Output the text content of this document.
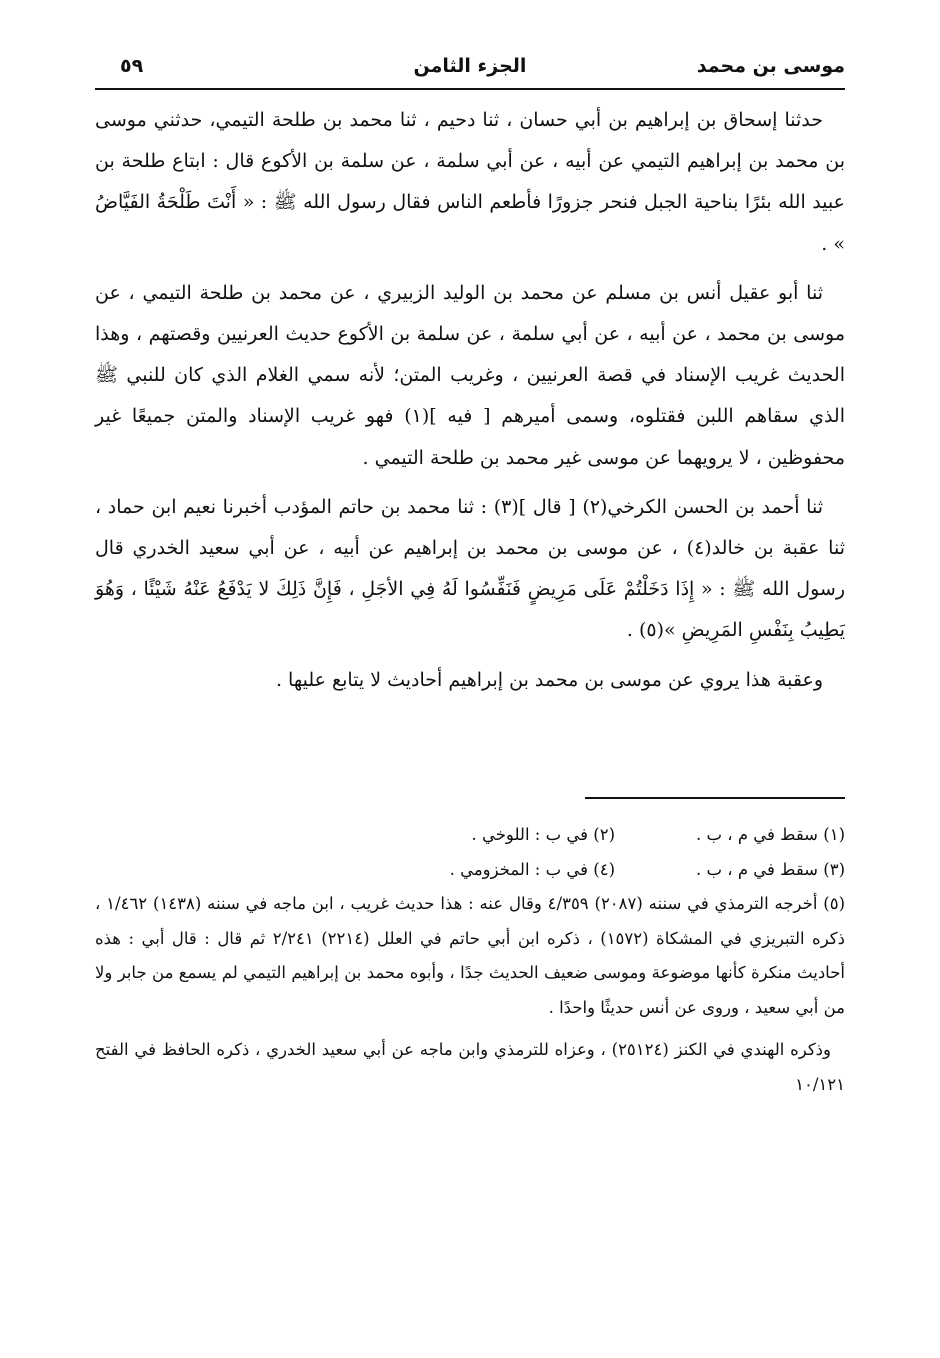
موسى بن محمد
الجزء الثامن
٥٩

حدثنا إسحاق بن إبراهيم بن أبي حسان ، ثنا دحيم ، ثنا محمد بن طلحة التيمي، حدثني موسى بن محمد بن إبراهيم التيمي عن أبيه ، عن أبي سلمة ، عن سلمة بن الأكوع قال : ابتاع طلحة بن عبيد الله بئرًا بناحية الجبل فنحر جزورًا فأطعم الناس فقال رسول الله ﷺ : « أَنْتَ طَلْحَةُ الفَيَّاضُ » .

ثنا أبو عقيل أنس بن مسلم عن محمد بن الوليد الزبيري ، عن محمد بن طلحة التيمي ، عن موسى بن محمد ، عن أبيه ، عن أبي سلمة ، عن سلمة بن الأكوع حديث العرنيين وقصتهم ، وهذا الحديث غريب الإسناد في قصة العرنيين ، وغريب المتن؛ لأنه سمي الغلام الذي كان للنبي ﷺ الذي سقاهم اللبن فقتلوه، وسمى أميرهم [ فيه ](١) فهو غريب الإسناد والمتن جميعًا غير محفوظين ، لا يرويهما عن موسى غير محمد بن طلحة التيمي .

ثنا أحمد بن الحسن الكرخي(٢) [ قال ](٣) : ثنا محمد بن حاتم المؤدب أخبرنا نعيم ابن حماد ، ثنا عقبة بن خالد(٤) ، عن موسى بن محمد بن إبراهيم عن أبيه ، عن أبي سعيد الخدري قال رسول الله ﷺ : « إِذَا دَخَلْتُمْ عَلَى مَرِيضٍ فَنَفِّسُوا لَهُ فِي الأجَلِ ، فَإِنَّ ذَلِكَ لا يَدْفَعُ عَنْهُ شَيْئًا ، وَهُوَ يَطِيبُ بِنَفْسِ المَرِيضِ »(٥) .

وعقبة هذا يروي عن موسى بن محمد بن إبراهيم أحاديث لا يتابع عليها .

(١) سقط في م ، ب .
(٢) في ب : اللوخي .
(٣) سقط في م ، ب .
(٤) في ب : المخزومي .

(٥) أخرجه الترمذي في سننه (٢٠٨٧) ٤/٣٥٩ وقال عنه : هذا حديث غريب ، ابن ماجه في سننه (١٤٣٨) ١/٤٦٢ ، ذكره التبريزي في المشكاة (١٥٧٢) ، ذكره ابن أبي حاتم في العلل (٢٢١٤) ٢/٢٤١ ثم قال : قال أبي : هذه أحاديث منكرة كأنها موضوعة وموسى ضعيف الحديث جدًا ، وأبوه محمد بن إبراهيم التيمي لم يسمع من جابر ولا من أبي سعيد ، وروى عن أنس حديثًا واحدًا .

وذكره الهندي في الكنز (٢٥١٢٤) ، وعزاه للترمذي وابن ماجه عن أبي سعيد الخدري ، ذكره الحافظ في الفتح ١٠/١٢١
